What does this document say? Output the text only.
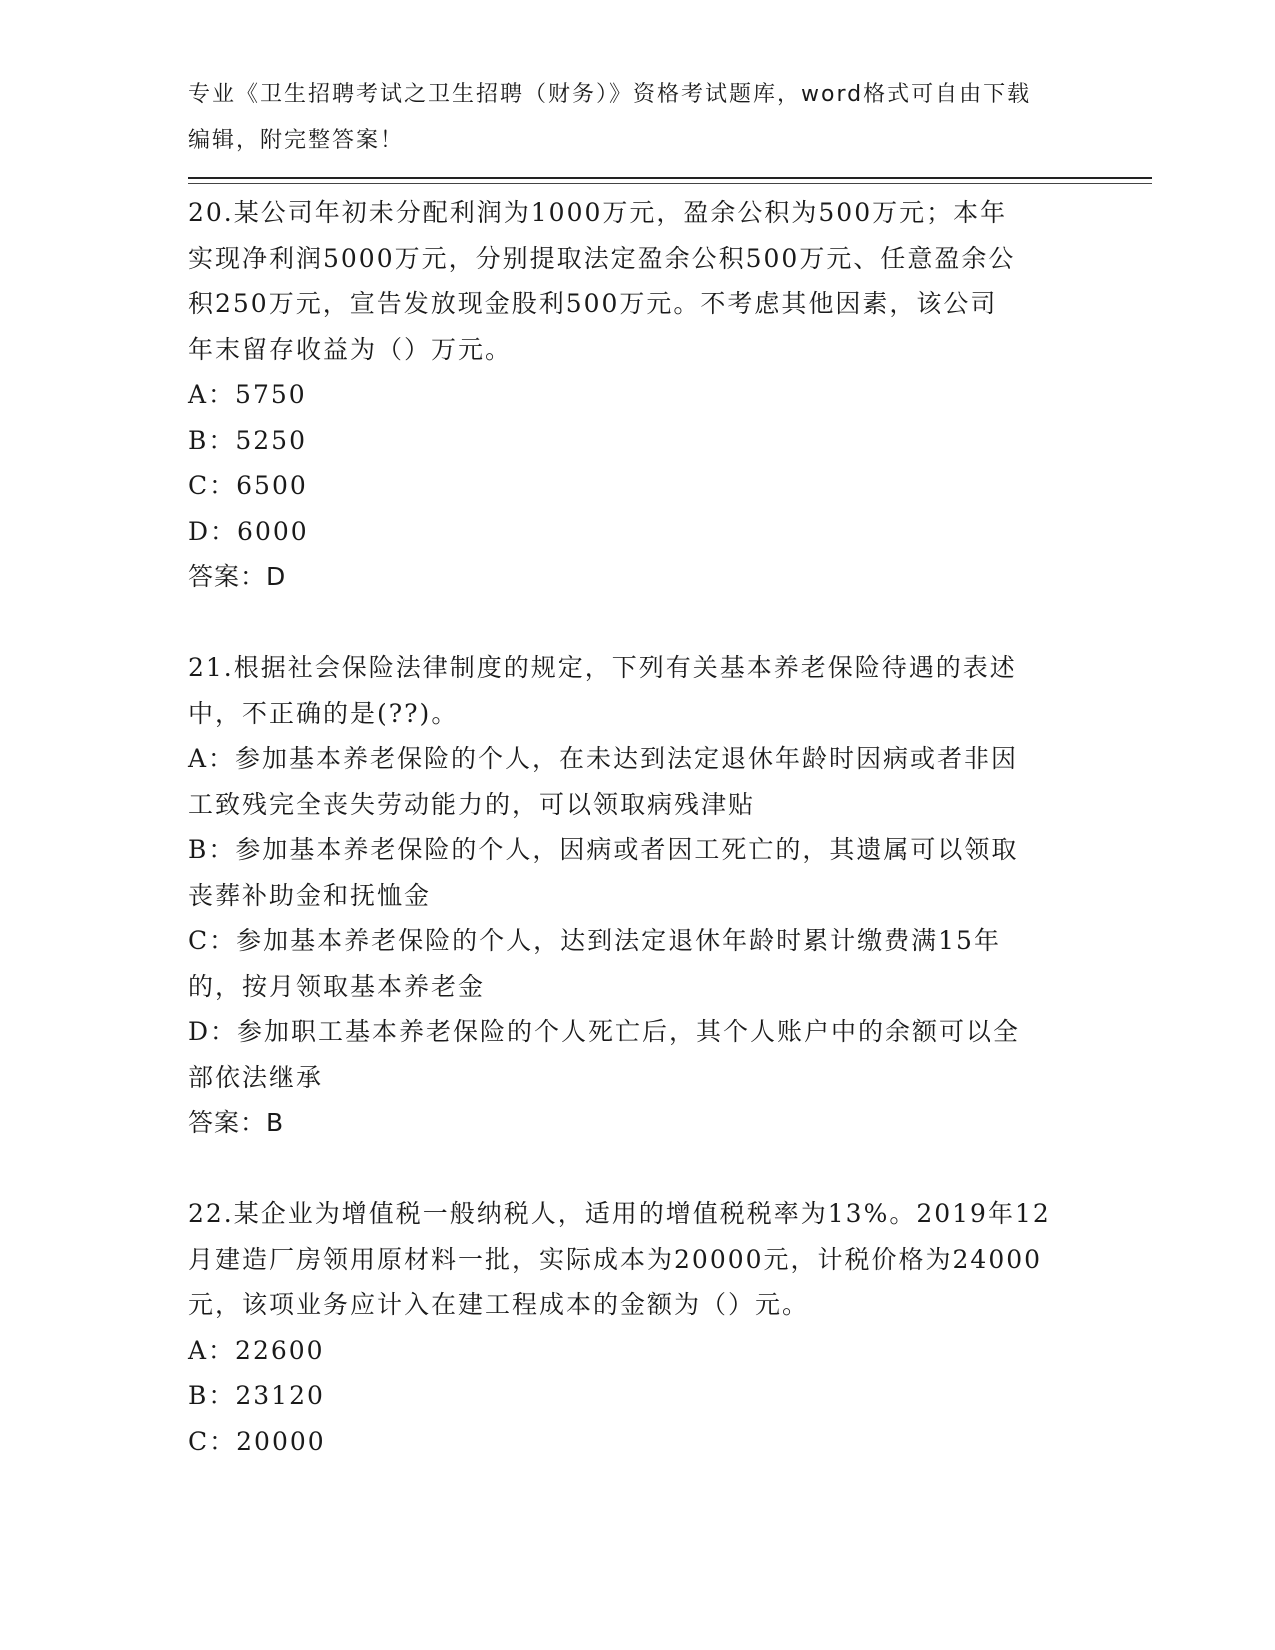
专业《卫生招聘考试之卫生招聘（财务）》资格考试题库，word格式可自由下载
编辑，附完整答案！
20.某公司年初未分配利润为1000万元，盈余公积为500万元；本年
实现净利润5000万元，分别提取法定盈余公积500万元、任意盈余公
积250万元，宣告发放现金股利500万元。不考虑其他因素，该公司
年末留存收益为（）万元。
A：5750
B：5250
C：6500
D：6000
答案：D
21.根据社会保险法律制度的规定，下列有关基本养老保险待遇的表述
中，不正确的是(??)。
A：参加基本养老保险的个人，在未达到法定退休年龄时因病或者非因
工致残完全丧失劳动能力的，可以领取病残津贴
B：参加基本养老保险的个人，因病或者因工死亡的，其遗属可以领取
丧葬补助金和抚恤金
C：参加基本养老保险的个人，达到法定退休年龄时累计缴费满15年
的，按月领取基本养老金
D：参加职工基本养老保险的个人死亡后，其个人账户中的余额可以全
部依法继承
答案：B
22.某企业为增值税一般纳税人，适用的增值税税率为13%。2019年12
月建造厂房领用原材料一批，实际成本为20000元，计税价格为24000
元，该项业务应计入在建工程成本的金额为（）元。
A：22600
B：23120
C：20000
